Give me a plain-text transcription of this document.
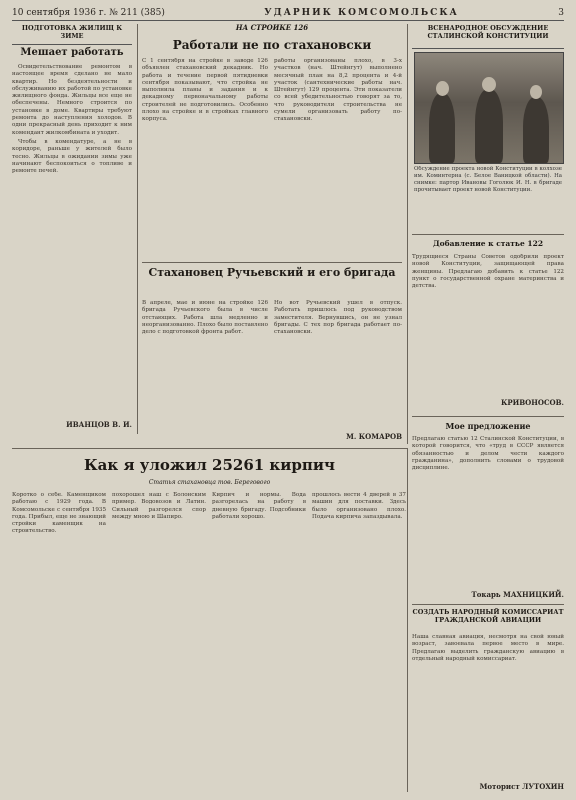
10 сентября 1936 г. № 211 (385)	УДАРНИК КОМСОМОЛЬСКА	3
ПОДГОТОВКА ЖИЛИЩ К ЗИМЕ
Мешает работать

Освидетельствование ремонтом в настоящее время сделано не мало квартир. Но бездеятельности и обслуживанию их работой по установке жилищного фонда. Жильцы все еще не обеспечены. Немного строится по установке в доме. Квартиры требуют ремонта до наступления холодов. В одни прекрасный день приходит к ним комендант жилкомбината и уходит.

Чтобы в комендатуре, а не в коридоре, раньше у жителей было тесно. Жильцы в ожидании зимы уже начинают беспокоиться о топливе и ремонте печей.

ИВАНЦОВ В. И.
НА СТРОЙКЕ 126
Работали не по стахановски
С 1 сентября на стройке в заводе 126 объявлен стахановский декадник. Но работа и течение первой пятидневки сентября показывают, что стройка не выполнила планы и задания и к декадному первоначальному работы строителей не подготовились. Особенно плохо на стройке и в стройках главного корпуса.
работы организованы плохо, в 3-х участков (нач. Штейнгут) выполнено месячный план на 8,2 процента и 4-й участок (сантехнические работы нач. Штейнгут) 129 процента. Эти показатели со всей убедительностью говорят за то, что руководители строительства не сумели организовать работу по-стахановски.
Стахановец Ручьевский и его бригада
В апреле, мае и июне на стройке 126 бригада Ручьевского была в числе отстающих. Работа шла медленно и неорганизованно. Плохо было поставлено дело с подготовкой фронта работ.
Но вот Ручьевский ушел в отпуск. Работать пришлось под руководством заместителя. Вернувшись, он не узнал бригады. С тех пор бригада работает по-стахановски.
М. КОМАРОВ
ВСЕНАРОДНОЕ ОБСУЖДЕНИЕ СТАЛИНСКОЙ КОНСТИТУЦИИ
Обсуждение проекта новой Конституции в колхозе им. Коминтерна (с. Белое Ваницкой области). На снимке: партор Ивановы Гоголюк И. Н. в бригаде прочитывает проект новой Конституции.
Добавление к статье 122
Трудящиеся Страны Советов одобрили проект новой Конституции, защищающей права женщины. Предлагаю добавить к статье 122 пункт о государственной охране материнства и детства.
КРИВОНОСОВ.
Как я уложил 25261 кирпич
Статья стахановца тов. Берегового
Коротко о себе. Каменщиком работаю с 1929 года. В Комсомольске с сентября 1935 года. Прибыл, еще не знающий стройки каменщик на строительство.
похорошел наш с Болонским пример. Водовозов и Латин. Сильный разгорелся спор между мною и Шапиро.
Кирпич и нормы. Вода разгорелась на работу в дневную бригаду. Подсобники работали хорошо.
прошлось вести 4 дверей в 37 машин для поставки. Здесь было организовано плохо. Подача кирпича запаздывала.
Мое предложение
Предлагаю статью 12 Сталинской Конституции, в которой говорится, что «труд в СССР является обязанностью и делом чести каждого гражданина», дополнить словами о трудовой дисциплине.
Токарь МАХНИЦКИЙ.
СОЗДАТЬ НАРОДНЫЙ КОМИССАРИАТ ГРАЖДАНСКОЙ АВИАЦИИ
Наша славная авиация, несмотря на свой юный возраст, завоевала первое место в мире. Предлагаю выделить гражданскую авиацию в отдельный народный комиссариат.
Моторист ЛУТОХИН
